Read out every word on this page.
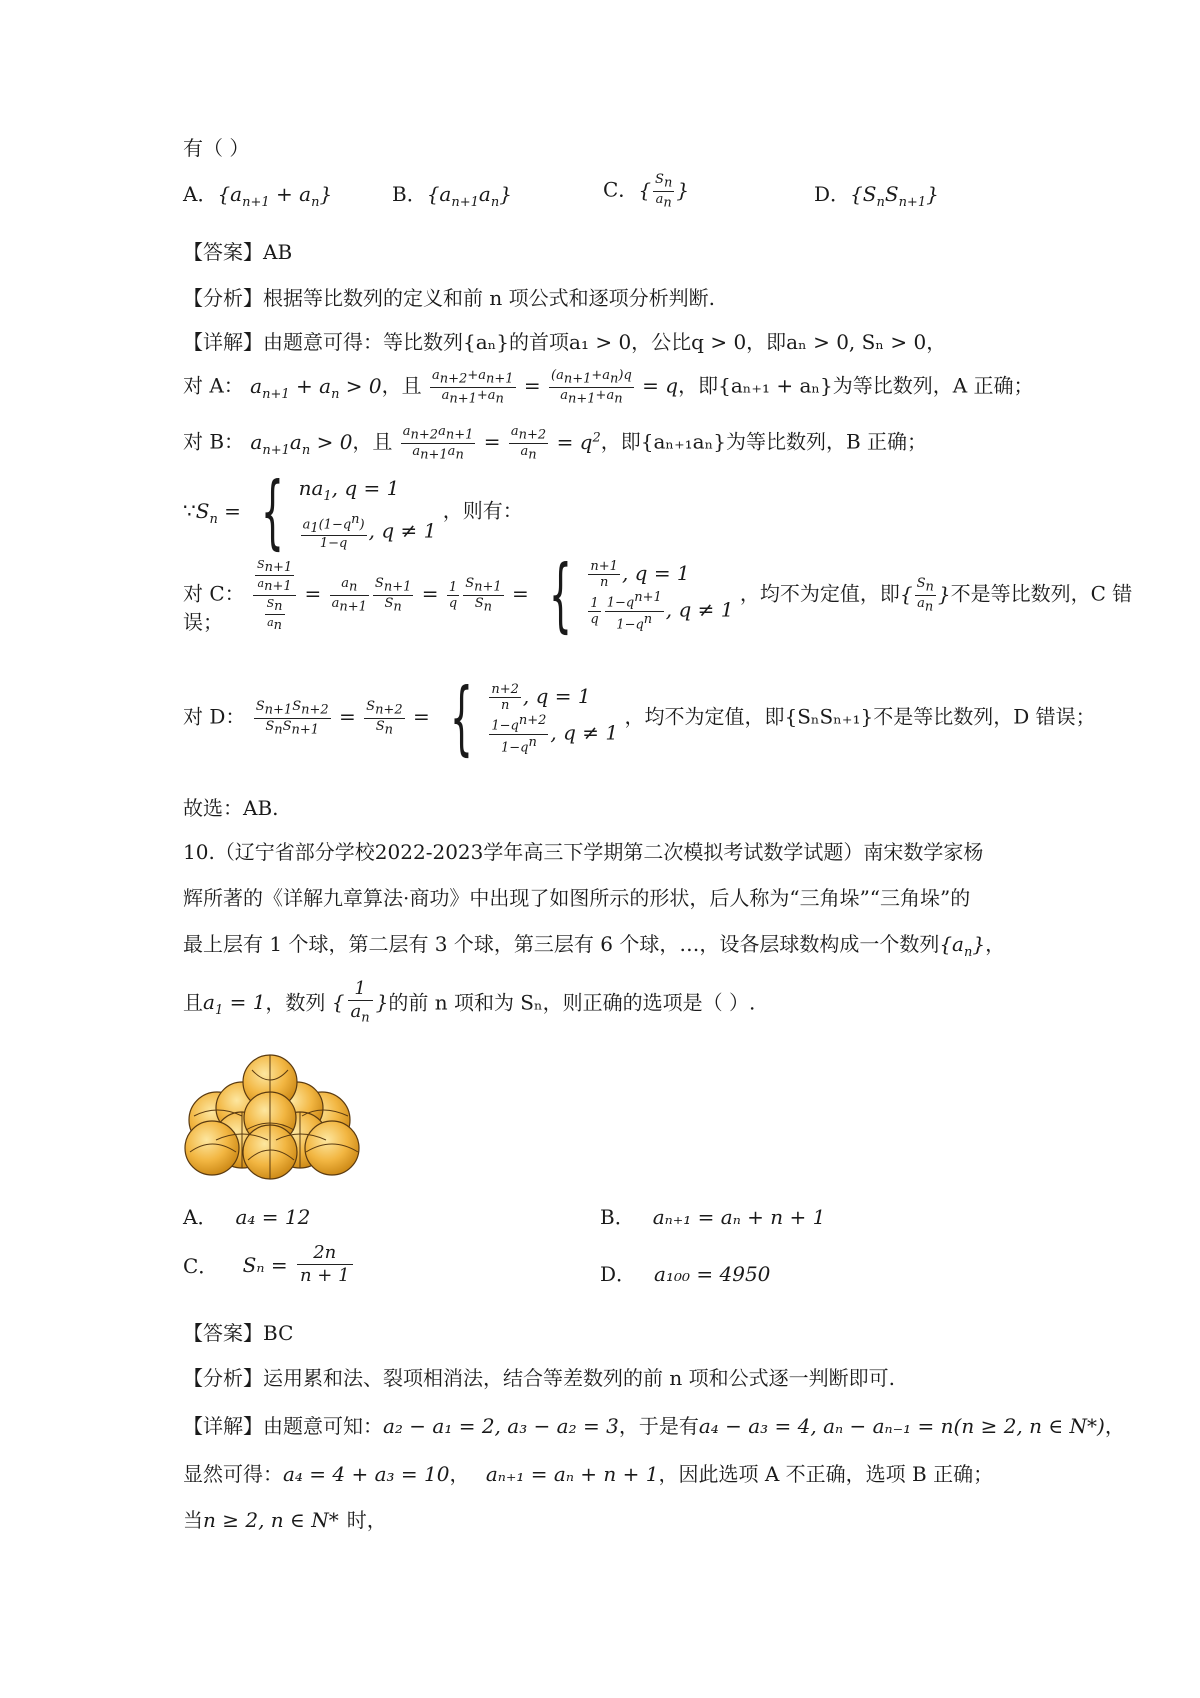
有（ ）
A．$\{a_{n+1} + a_n\}$	B．$\{a_{n+1}a_n\}$	C．{ $\frac{S_n}{a_n}$ }	D．$\{S_nS_{n+1}\}$
【答案】AB
【分析】根据等比数列的定义和前 n 项公式和逐项分析判断.
【详解】由题意可得：等比数列{aₙ}的首项a₁ > 0，公比q > 0，即aₙ > 0, Sₙ > 0，
对 A： $a_{n+1} + a_n > 0$，且 $\frac{a_{n+2}+a_{n+1}}{a_{n+1}+a_n} = \frac{(a_{n+1}+a_n)q}{a_{n+1}+a_n} = q$，即{aₙ₊₁ + aₙ}为等比数列，A 正确；
对 B： $a_{n+1}a_n > 0$，且 $\frac{a_{n+2}a_{n+1}}{a_{n+1}a_n} = \frac{a_{n+2}}{a_n} = q^2$，即{aₙ₊₁aₙ}为等比数列，B 正确；
$\because S_n$ = { $na_1$, q = 1
$\frac{a_1(1-q^n)}{1-q}$ , q ≠ 1
，则有：
对 C： $\frac{\frac{S_{n+1}}{a_{n+1}}}{\frac{S_n}{a_n}} = \frac{a_n}{a_{n+1}} \frac{S_{n+1}}{S_n} = \frac{1}{q} \frac{S_{n+1}}{S_n}$ = { $\frac{n+1}{n}$ , q = 1
$\frac{1}{q} \frac{1-q^{n+1}}{1-q^n}$ , q ≠ 1
，均不为定值，即{ $\frac{S_n}{a_n}$ }不是等比数列，C 错
误；
对 D： $\frac{S_{n+1}S_{n+2}}{S_nS_{n+1}} = \frac{S_{n+2}}{S_n}$ = { $\frac{n+2}{n}$ , q = 1
$\frac{1-q^{n+2}}{1-q^n}$ , q ≠ 1
，均不为定值，即{SₙSₙ₊₁}不是等比数列，D 错误；
故选：AB.
10.（辽宁省部分学校2022-2023学年高三下学期第二次模拟考试数学试题）南宋数学家杨
辉所著的《详解九章算法·商功》中出现了如图所示的形状，后人称为“三角垛”“三角垛”的
最上层有 1 个球，第二层有 3 个球，第三层有 6 个球，…，设各层球数构成一个数列$\{a_n\}$，
且$a_1 = 1$，数列 { $\frac{1}{a_n}$ }的前 n 项和为 Sₙ，则正确的选项是（ ）.
A． a₄ = 12	B． aₙ₊₁ = aₙ + n + 1
C． $S_n = \frac{2n}{n + 1}$	D． a₁₀₀ = 4950
【答案】BC
【分析】运用累和法、裂项相消法，结合等差数列的前 n 项和公式逐一判断即可.
【详解】由题意可知：a₂ − a₁ = 2, a₃ − a₂ = 3，于是有a₄ − a₃ = 4, aₙ − aₙ₋₁ = n(n ≥ 2, n ∈ N*)，
显然可得：a₄ = 4 + a₃ = 10， aₙ₊₁ = aₙ + n + 1，因此选项 A 不正确，选项 B 正确；
当n ≥ 2, n ∈ N* 时，
